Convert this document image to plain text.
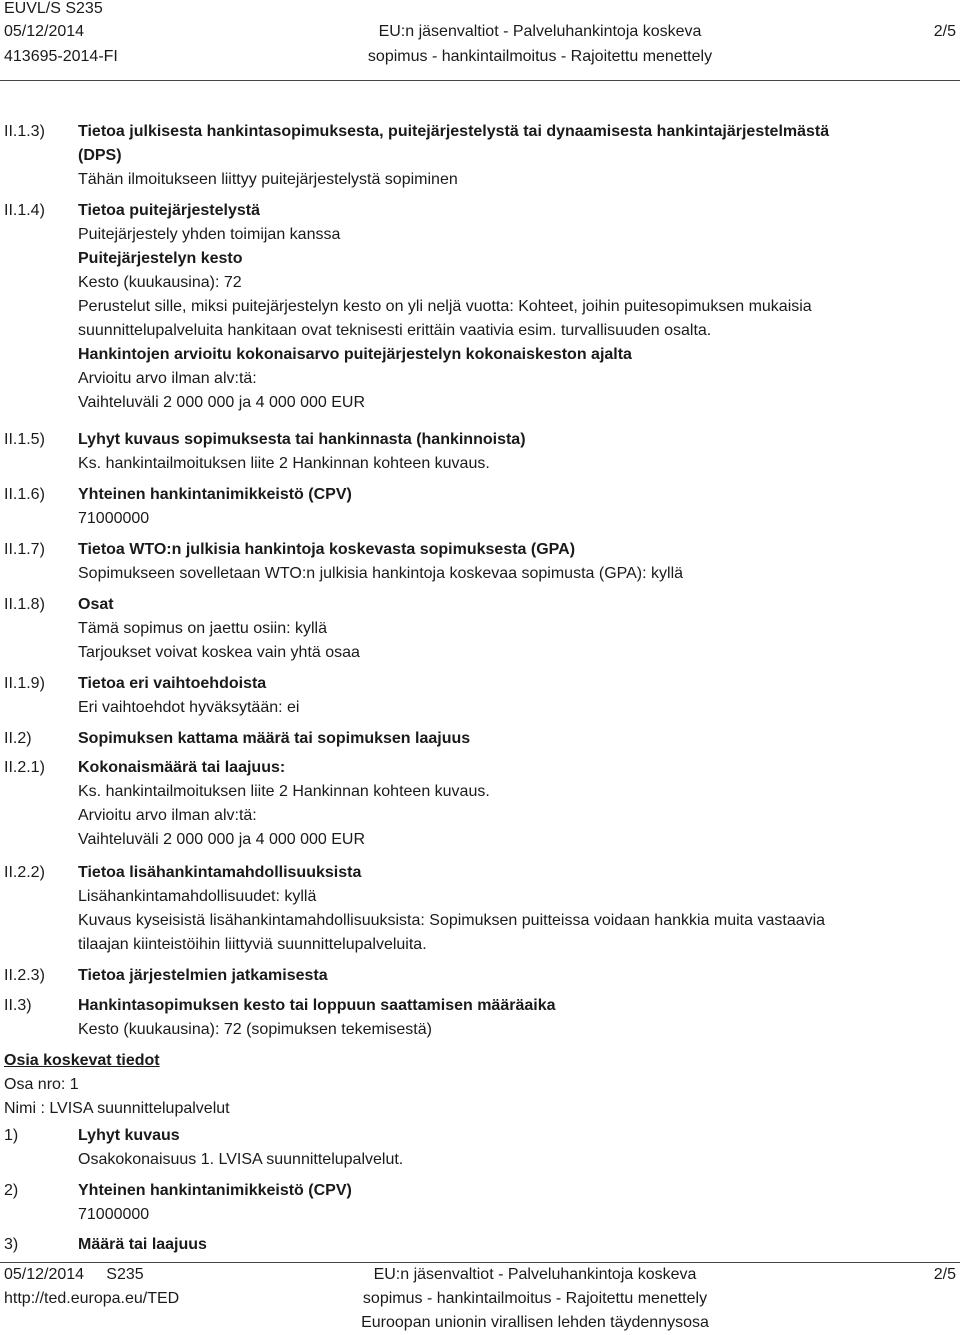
EUVL/S S235
05/12/2014
413695-2014-FI
EU:n jäsenvaltiot - Palveluhankintoja koskeva
sopimus - hankintailmoitus - Rajoitettu menettely
2/5
II.1.3) Tietoa julkisesta hankintasopimuksesta, puitejärjestelystä tai dynaamisesta hankintajärjestelmästä
(DPS)
Tähän ilmoitukseen liittyy puitejärjestelystä sopiminen
II.1.4) Tietoa puitejärjestelystä
Puitejärjestely yhden toimijan kanssa
Puitejärjestelyn kesto
Kesto (kuukausina): 72
Perustelut sille, miksi puitejärjestelyn kesto on yli neljä vuotta: Kohteet, joihin puitesopimuksen mukaisia
suunnittelupalveluita hankitaan ovat teknisesti erittäin vaativia esim. turvallisuuden osalta.
Hankintojen arvioitu kokonaisarvo puitejärjestelyn kokonaiskeston ajalta
Arvioitu arvo ilman alv:tä:
Vaihteluväli 2 000 000 ja 4 000 000 EUR
II.1.5) Lyhyt kuvaus sopimuksesta tai hankinnasta (hankinnoista)
Ks. hankintailmoituksen liite 2 Hankinnan kohteen kuvaus.
II.1.6) Yhteinen hankintanimikkeistö (CPV)
71000000
II.1.7) Tietoa WTO:n julkisia hankintoja koskevasta sopimuksesta (GPA)
Sopimukseen sovelletaan WTO:n julkisia hankintoja koskevaa sopimusta (GPA): kyllä
II.1.8) Osat
Tämä sopimus on jaettu osiin: kyllä
Tarjoukset voivat koskea vain yhtä osaa
II.1.9) Tietoa eri vaihtoehdoista
Eri vaihtoehdot hyväksytään: ei
II.2)	Sopimuksen kattama määrä tai sopimuksen laajuus
II.2.1) Kokonaismäärä tai laajuus:
Ks. hankintailmoituksen liite 2 Hankinnan kohteen kuvaus.
Arvioitu arvo ilman alv:tä:
Vaihteluväli 2 000 000 ja 4 000 000 EUR
II.2.2) Tietoa lisähankintamahdollisuuksista
Lisähankintamahdollisuudet: kyllä
Kuvaus kyseisistä lisähankintamahdollisuuksista: Sopimuksen puitteissa voidaan hankkia muita vastaavia
tilaajan kiinteistöihin liittyviä suunnittelupalveluita.
II.2.3) Tietoa järjestelmien jatkamisesta
II.3)	Hankintasopimuksen kesto tai loppuun saattamisen määräaika
Kesto (kuukausina): 72 (sopimuksen tekemisestä)
Osia koskevat tiedot
Osa nro: 1
Nimi : LVISA suunnittelupalvelut
1)	Lyhyt kuvaus
Osakokonaisuus 1. LVISA suunnittelupalvelut.
2)	Yhteinen hankintanimikkeistö (CPV)
71000000
3)	Määrä tai laajuus
05/12/2014     S235
http://ted.europa.eu/TED
EU:n jäsenvaltiot - Palveluhankintoja koskeva
sopimus - hankintailmoitus - Rajoitettu menettely
Euroopan unionin virallisen lehden täydennysosa
2/5
